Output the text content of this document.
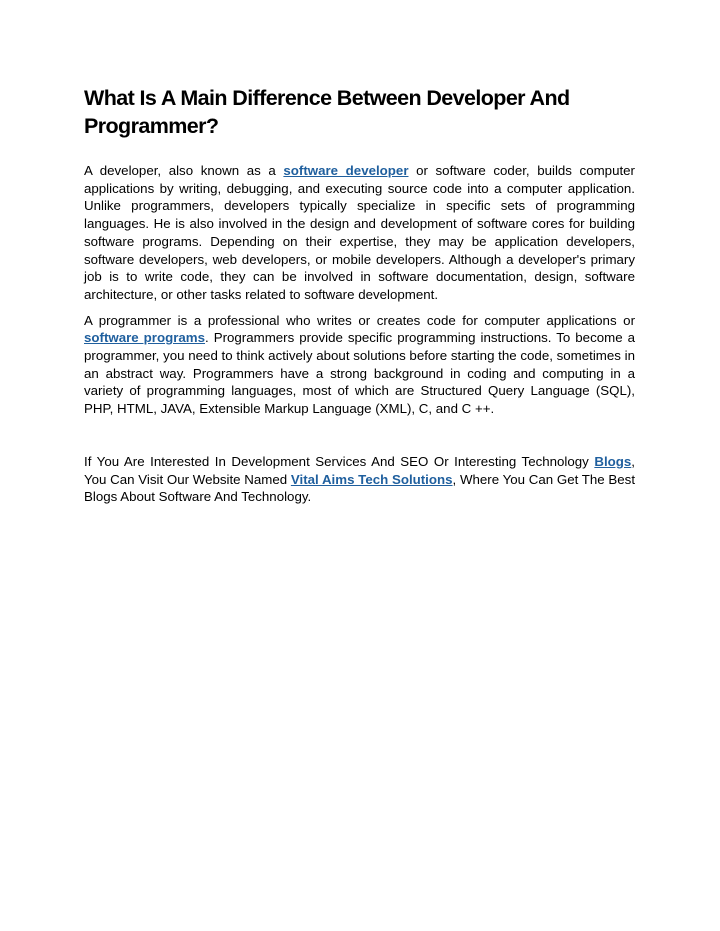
What Is A Main Difference Between Developer And Programmer?

A developer, also known as a software developer or software coder, builds computer applications by writing, debugging, and executing source code into a computer application. Unlike programmers, developers typically specialize in specific sets of programming languages. He is also involved in the design and development of software cores for building software programs. Depending on their expertise, they may be application developers, software developers, web developers, or mobile developers. Although a developer's primary job is to write code, they can be involved in software documentation, design, software architecture, or other tasks related to software development.

A programmer is a professional who writes or creates code for computer applications or software programs. Programmers provide specific programming instructions. To become a programmer, you need to think actively about solutions before starting the code, sometimes in an abstract way. Programmers have a strong background in coding and computing in a variety of programming languages, most of which are Structured Query Language (SQL), PHP, HTML, JAVA, Extensible Markup Language (XML), C, and C ++.

If You Are Interested In Development Services And SEO Or Interesting Technology Blogs, You Can Visit Our Website Named Vital Aims Tech Solutions, Where You Can Get The Best Blogs About Software And Technology.
